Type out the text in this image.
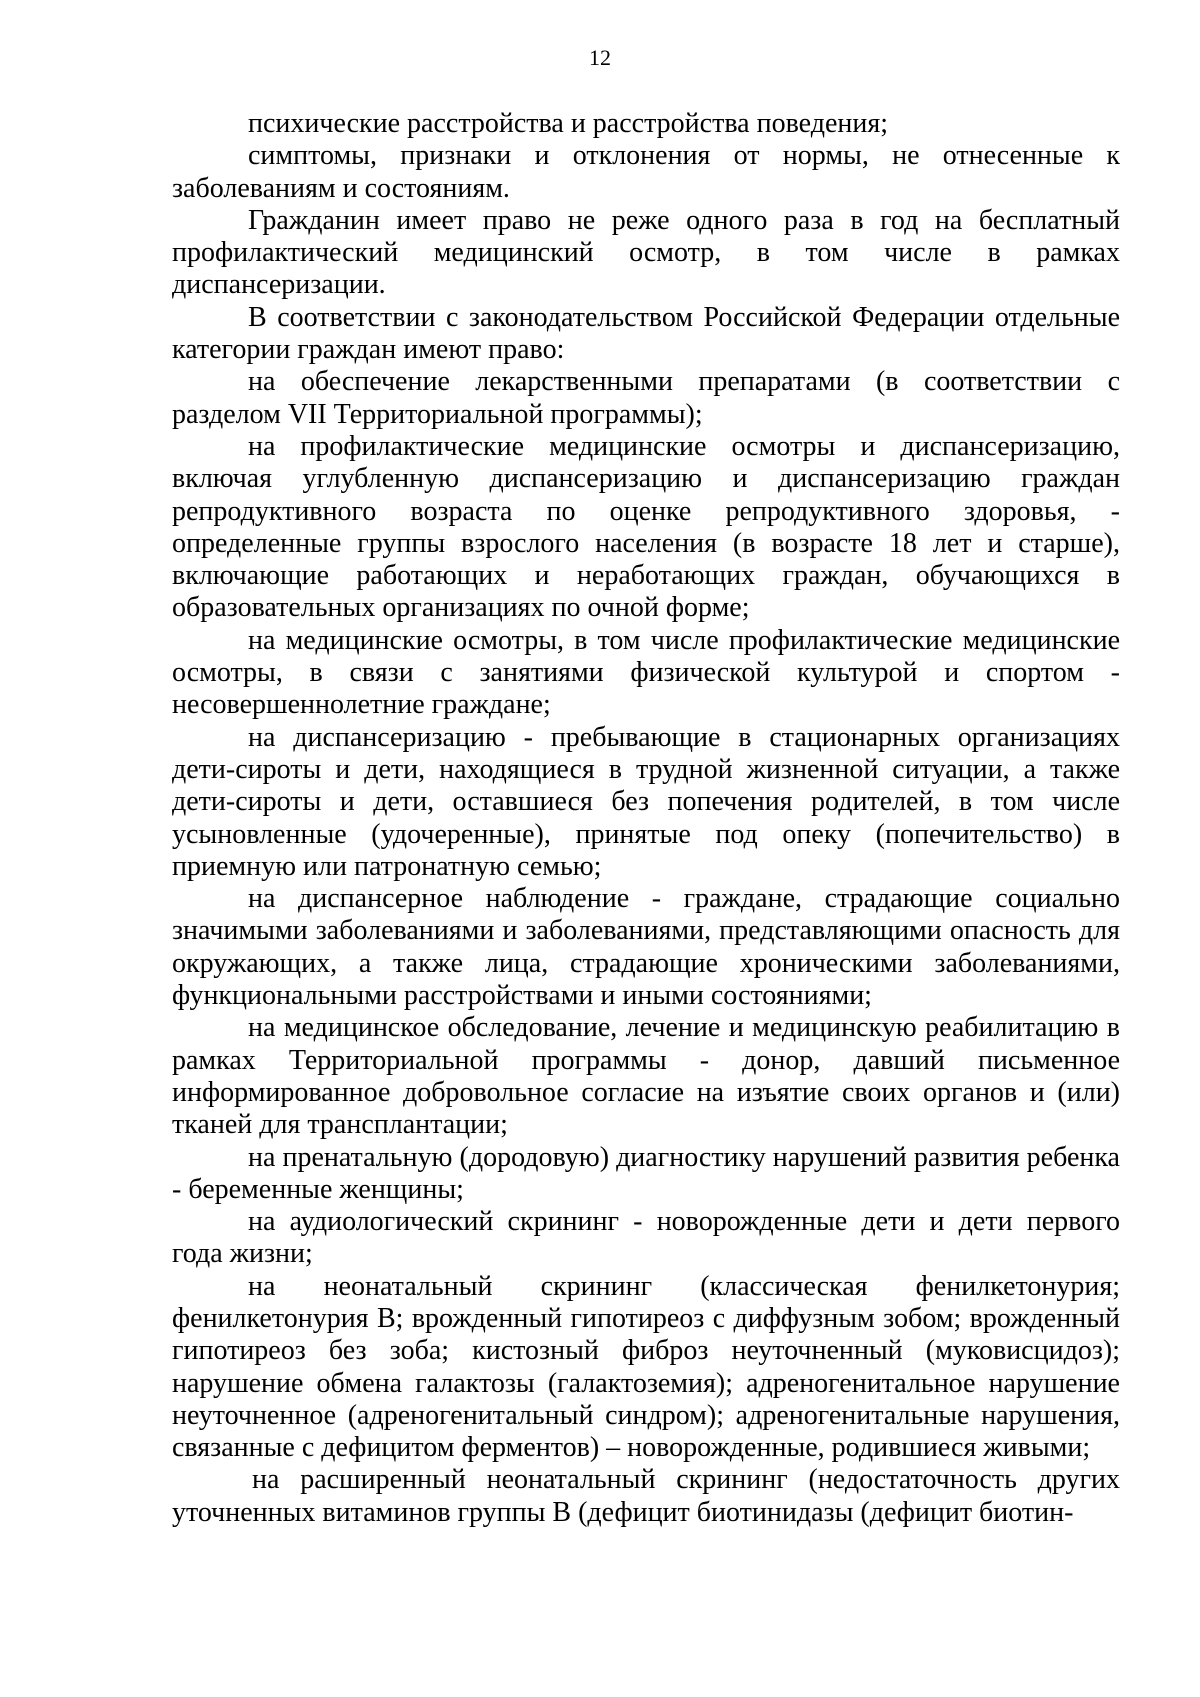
12

психические расстройства и расстройства поведения;

симптомы, признаки и отклонения от нормы, не отнесенные к заболеваниям и состояниям.

Гражданин имеет право не реже одного раза в год на бесплатный профилактический медицинский осмотр, в том числе в рамках диспансеризации.

В соответствии с законодательством Российской Федерации отдельные категории граждан имеют право:

на обеспечение лекарственными препаратами (в соответствии с разделом VII Территориальной программы);

на профилактические медицинские осмотры и диспансеризацию, включая углубленную диспансеризацию и диспансеризацию граждан репродуктивного возраста по оценке репродуктивного здоровья, - определенные группы взрослого населения (в возрасте 18 лет и старше), включающие работающих и неработающих граждан, обучающихся в образовательных организациях по очной форме;

на медицинские осмотры, в том числе профилактические медицинские осмотры, в связи с занятиями физической культурой и спортом - несовершеннолетние граждане;

на диспансеризацию - пребывающие в стационарных организациях дети-сироты и дети, находящиеся в трудной жизненной ситуации, а также дети-сироты и дети, оставшиеся без попечения родителей, в том числе усыновленные (удочеренные), принятые под опеку (попечительство) в приемную или патронатную семью;

на диспансерное наблюдение - граждане, страдающие социально значимыми заболеваниями и заболеваниями, представляющими опасность для окружающих, а также лица, страдающие хроническими заболеваниями, функциональными расстройствами и иными состояниями;

на медицинское обследование, лечение и медицинскую реабилитацию в рамках Территориальной программы - донор, давший письменное информированное добровольное согласие на изъятие своих органов и (или) тканей для трансплантации;

на пренатальную (дородовую) диагностику нарушений развития ребенка - беременные женщины;

на аудиологический скрининг - новорожденные дети и дети первого года жизни;

на неонатальный скрининг (классическая фенилкетонурия; фенилкетонурия В; врожденный гипотиреоз с диффузным зобом; врожденный гипотиреоз без зоба; кистозный фиброз неуточненный (муковисцидоз); нарушение обмена галактозы (галактоземия); адреногенитальное нарушение неуточненное (адреногенитальный синдром); адреногенитальные нарушения, связанные с дефицитом ферментов) – новорожденные, родившиеся живыми;

на расширенный неонатальный скрининг (недостаточность других уточненных витаминов группы В (дефицит биотинидазы (дефицит биотин-
